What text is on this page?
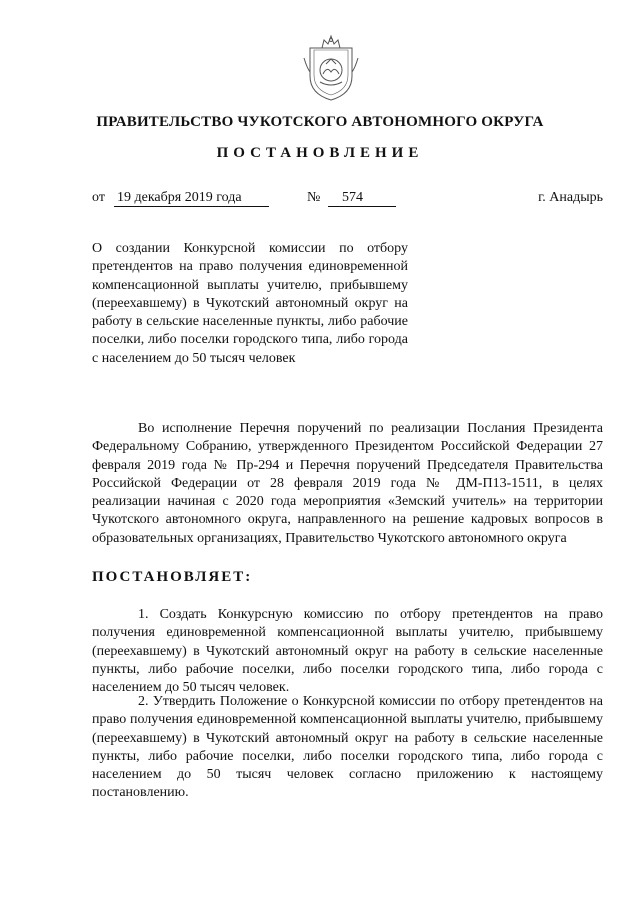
ПРАВИТЕЛЬСТВО ЧУКОТСКОГО АВТОНОМНОГО ОКРУГА
ПОСТАНОВЛЕНИЕ
от 19 декабря 2019 года	№	574	г. Анадырь
О создании Конкурсной комиссии по отбору претендентов на право получения единовременной компенсационной выплаты учителю, прибывшему (переехавшему) в Чукотский автономный округ на работу в сельские населенные пункты, либо рабочие поселки, либо поселки городского типа, либо города с населением до 50 тысяч человек
Во исполнение Перечня поручений по реализации Послания Президента Федеральному Собранию, утвержденного Президентом Российской Федерации 27 февраля 2019 года № Пр-294 и Перечня поручений Председателя Правительства Российской Федерации от 28 февраля 2019 года № ДМ-П13-1511, в целях реализации начиная с 2020 года мероприятия «Земский учитель» на территории Чукотского автономного округа, направленного на решение кадровых вопросов в образовательных организациях, Правительство Чукотского автономного округа
ПОСТАНОВЛЯЕТ:
1. Создать Конкурсную комиссию по отбору претендентов на право получения единовременной компенсационной выплаты учителю, прибывшему (переехавшему) в Чукотский автономный округ на работу в сельские населенные пункты, либо рабочие поселки, либо поселки городского типа, либо города с населением до 50 тысяч человек.
2. Утвердить Положение о Конкурсной комиссии по отбору претендентов на право получения единовременной компенсационной выплаты учителю, прибывшему (переехавшему) в Чукотский автономный округ на работу в сельские населенные пункты, либо рабочие поселки, либо поселки городского типа, либо города с населением до 50 тысяч человек согласно приложению к настоящему постановлению.
